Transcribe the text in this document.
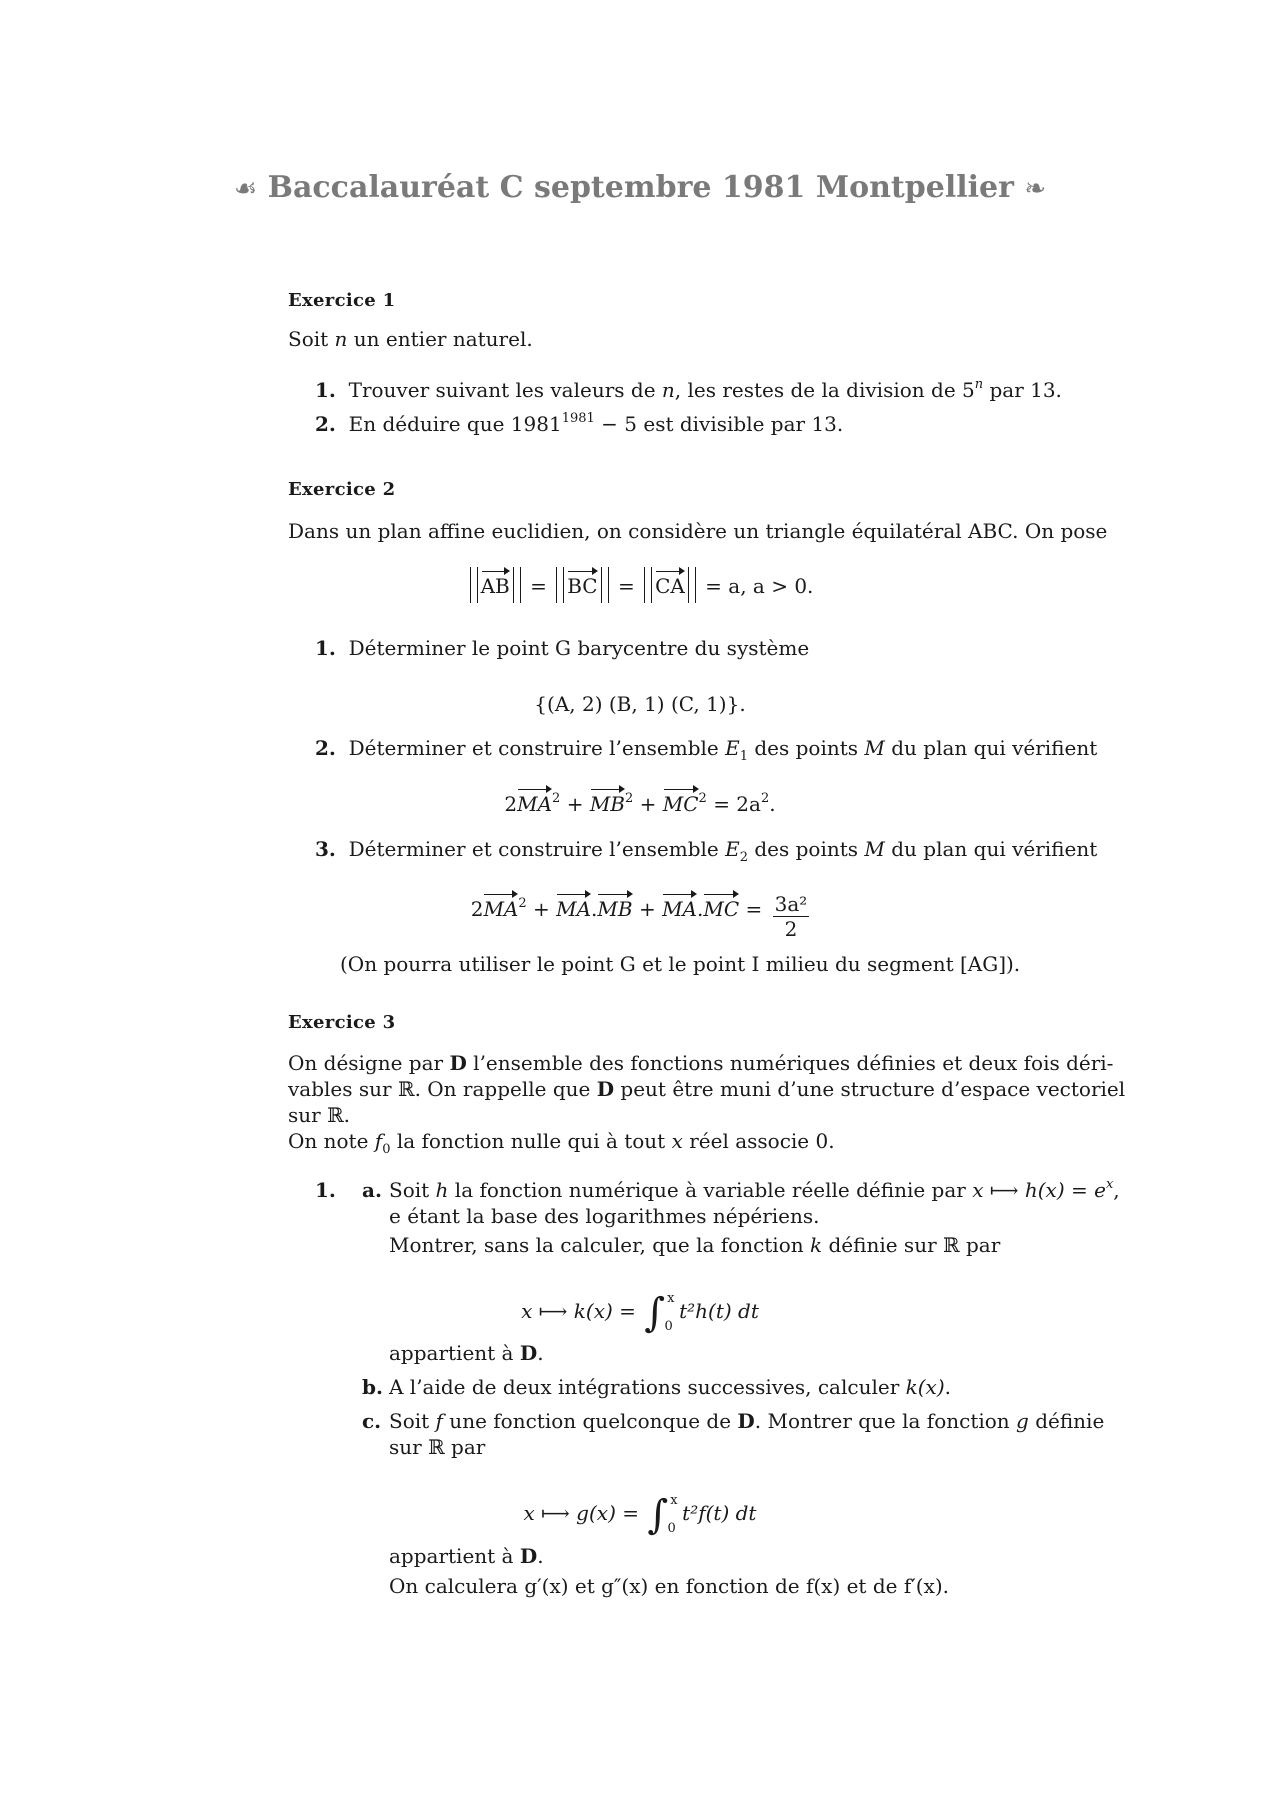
☙ Baccalauréat C septembre 1981 Montpellier ❧
Exercice 1
Soit n un entier naturel.
1. Trouver suivant les valeurs de n, les restes de la division de 5$^n$ par 13.
2. En déduire que $1981^{1981} - 5$ est divisible par 13.
Exercice 2
Dans un plan affine euclidien, on considère un triangle équilatéral ABC. On pose
AB = BC = CA = a, a > 0.
1. Déterminer le point G barycentre du système
{(A, 2) (B, 1) (C, 1)}.
2. Déterminer et construire l’ensemble $E_1$ des points M du plan qui vérifient
$2MA^2 + MB^2 + MC^2 = 2a^2$.
3. Déterminer et construire l’ensemble $E_2$ des points M du plan qui vérifient
$2MA^2 + MA.MB + MA.MC = \frac{\text{3a²}}{2}$
(On pourra utiliser le point G et le point I milieu du segment [AG]).
Exercice 3
On désigne par D l’ensemble des fonctions numériques définies et deux fois déri-
vables sur ℝ. On rappelle que D peut être muni d’une structure d’espace vectoriel
sur ℝ.
On note $f_0$ la fonction nulle qui à tout x réel associe 0.
1. a. Soit h la fonction numérique à variable réelle définie par x ⟼ $h(x) = e^x$,
e étant la base des logarithmes népériens.
Montrer, sans la calculer, que la fonction k définie sur ℝ par
x ⟼ k(x) = ∫ $^x_0$ t²h(t) dt
appartient à D.
b. A l’aide de deux intégrations successives, calculer k(x).
c. Soit f une fonction quelconque de D. Montrer que la fonction g définie
sur ℝ par
x ⟼ g(x) = ∫ $^x_0$ t²f(t) dt
appartient à D.
On calculera g′(x) et g″(x) en fonction de f(x) et de f′(x).
